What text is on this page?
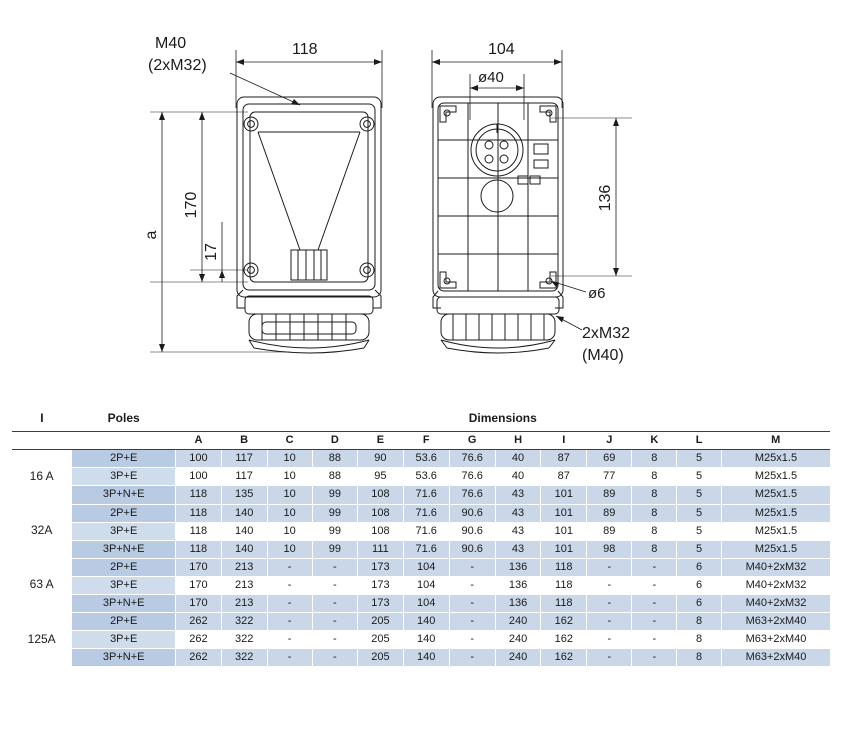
M40
(2xM32)
118
170
17
a
104
ø40
136
ø6
2xM32
(M40)
I	Poles	Dimensions												
		A	B	C	D	E	F	G	H	I	J	K	L	M
16 A	2P+E	100	117	10	88	90	53.6	76.6	40	87	69	8	5	M25x1.5
	3P+E	100	117	10	88	95	53.6	76.6	40	87	77	8	5	M25x1.5
	3P+N+E	118	135	10	99	108	71.6	76.6	43	101	89	8	5	M25x1.5
32A	2P+E	118	140	10	99	108	71.6	90.6	43	101	89	8	5	M25x1.5
	3P+E	118	140	10	99	108	71.6	90.6	43	101	89	8	5	M25x1.5
	3P+N+E	118	140	10	99	111	71.6	90.6	43	101	98	8	5	M25x1.5
63 A	2P+E	170	213	-	-	173	104	-	136	118	-	-	6	M40+2xM32
	3P+E	170	213	-	-	173	104	-	136	118	-	-	6	M40+2xM32
	3P+N+E	170	213	-	-	173	104	-	136	118	-	-	6	M40+2xM32
125A	2P+E	262	322	-	-	205	140	-	240	162	-	-	8	M63+2xM40
	3P+E	262	322	-	-	205	140	-	240	162	-	-	8	M63+2xM40
	3P+N+E	262	322	-	-	205	140	-	240	162	-	-	8	M63+2xM40
